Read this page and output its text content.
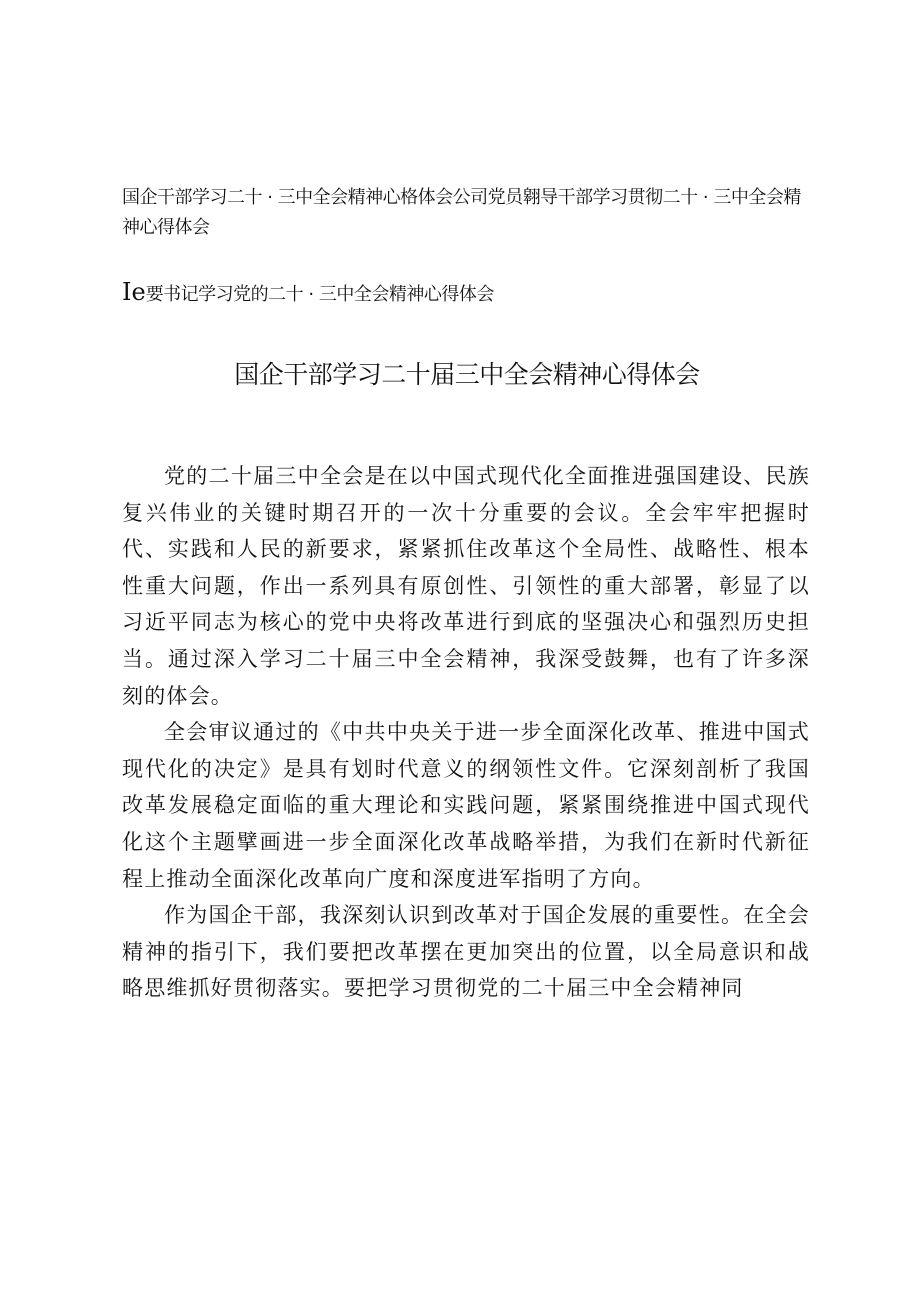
国企干部学习二十 · 三中全会精神心格体会公司党员翱导干部学习贯彻二十 · 三中全会精神心得体会
Ie要书记学习党的二十 · 三中全会精神心得体会
国企干部学习二十届三中全会精神心得体会

党的二十届三中全会是在以中国式现代化全面推进强国建设、民族复兴伟业的关键时期召开的一次十分重要的会议。全会牢牢把握时代、实践和人民的新要求，紧紧抓住改革这个全局性、战略性、根本性重大问题，作出一系列具有原创性、引领性的重大部署，彰显了以习近平同志为核心的党中央将改革进行到底的坚强决心和强烈历史担当。通过深入学习二十届三中全会精神，我深受鼓舞，也有了许多深刻的体会。

全会审议通过的《中共中央关于进一步全面深化改革、推进中国式现代化的决定》是具有划时代意义的纲领性文件。它深刻剖析了我国改革发展稳定面临的重大理论和实践问题，紧紧围绕推进中国式现代化这个主题擘画进一步全面深化改革战略举措，为我们在新时代新征程上推动全面深化改革向广度和深度进军指明了方向。

作为国企干部，我深刻认识到改革对于国企发展的重要性。在全会精神的指引下，我们要把改革摆在更加突出的位置，以全局意识和战略思维抓好贯彻落实。要把学习贯彻党的二十届三中全会精神同
